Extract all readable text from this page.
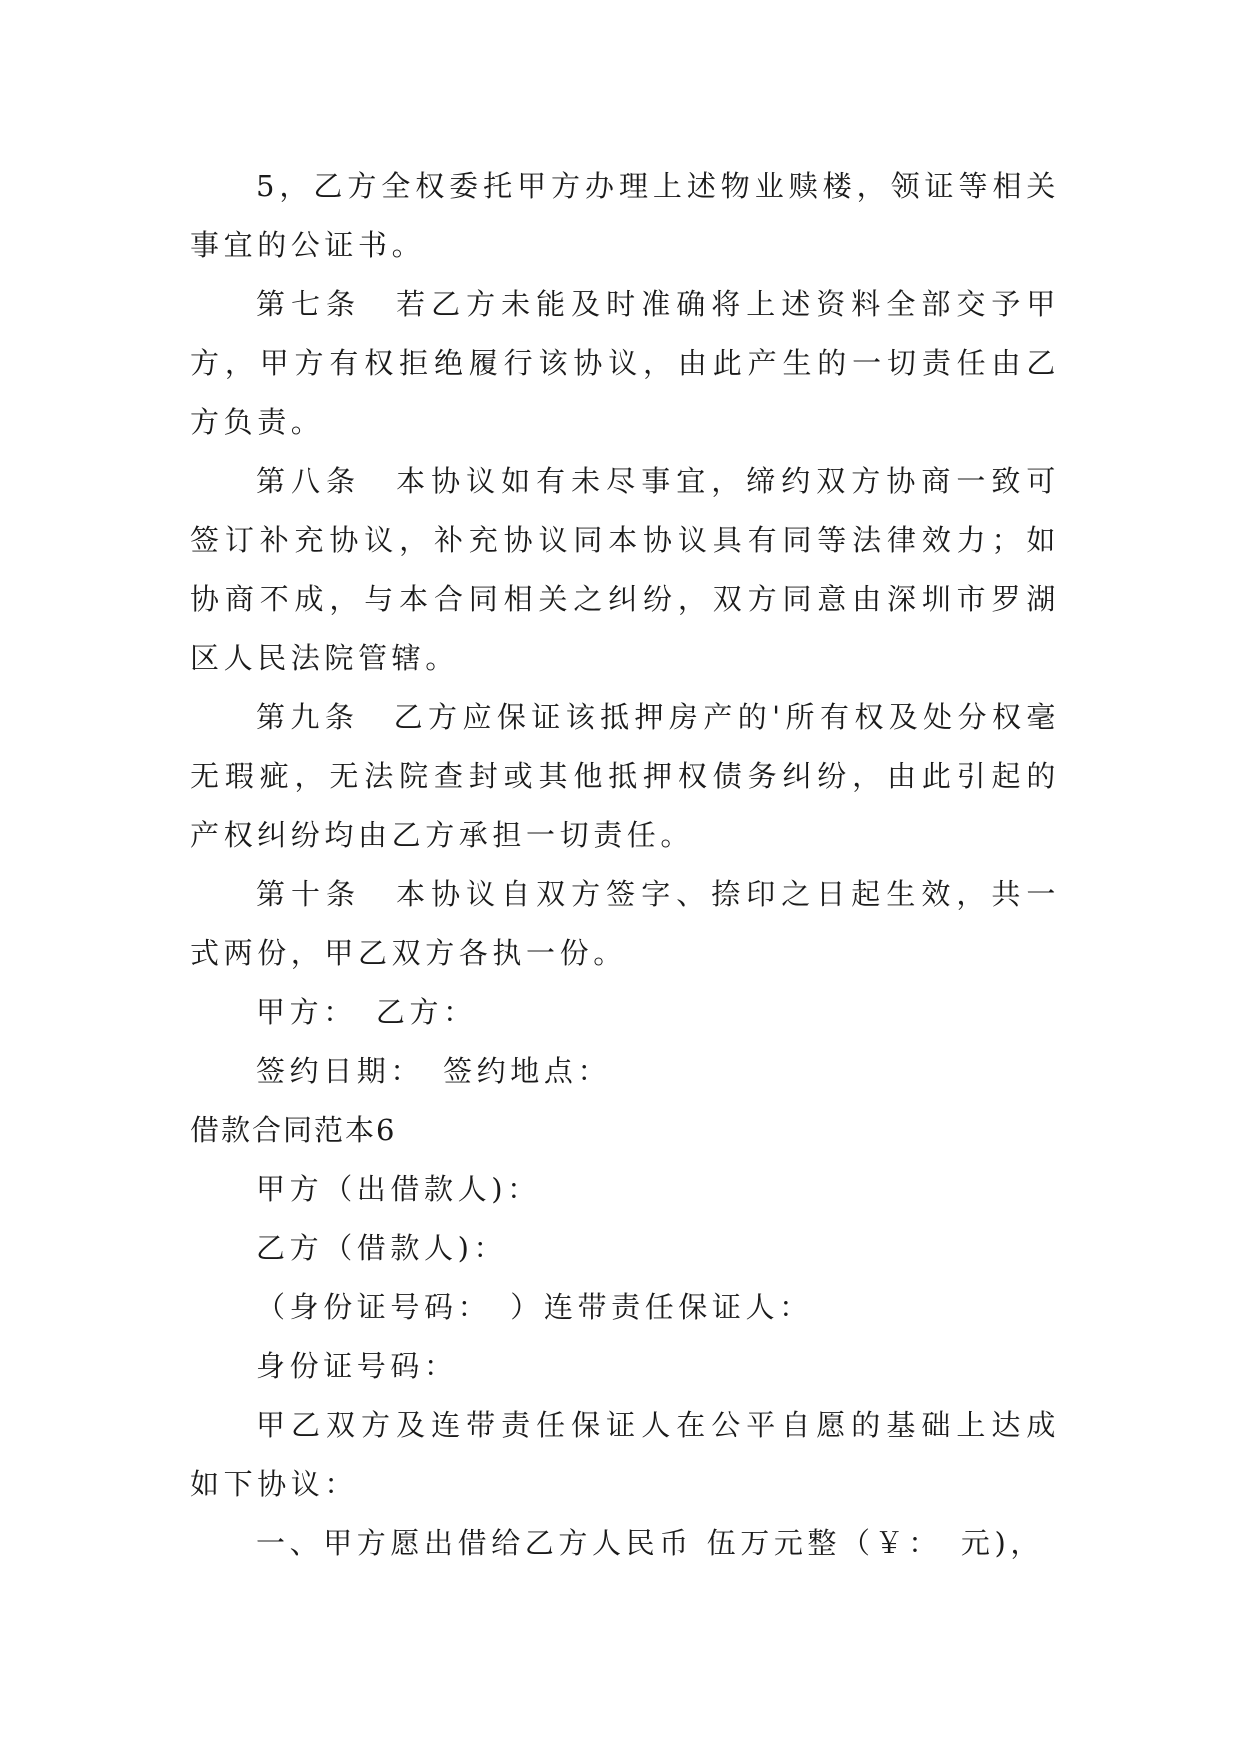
5，乙方全权委托甲方办理上述物业赎楼，领证等相关事宜的公证书。

第七条　若乙方未能及时准确将上述资料全部交予甲方，甲方有权拒绝履行该协议，由此产生的一切责任由乙方负责。

第八条　本协议如有未尽事宜，缔约双方协商一致可签订补充协议，补充协议同本协议具有同等法律效力；如协商不成，与本合同相关之纠纷，双方同意由深圳市罗湖区人民法院管辖。

第九条　乙方应保证该抵押房产的'所有权及处分权毫无瑕疵，无法院查封或其他抵押权债务纠纷，由此引起的产权纠纷均由乙方承担一切责任。

第十条　本协议自双方签字、捺印之日起生效，共一式两份，甲乙双方各执一份。

甲方：　乙方：

签约日期：　签约地点：

借款合同范本6

甲方（出借款人)：

乙方（借款人)：

（身份证号码：　）连带责任保证人：

身份证号码：

甲乙双方及连带责任保证人在公平自愿的基础上达成如下协议：

一、甲方愿出借给乙方人民币 伍万元整（￥：　元)，
